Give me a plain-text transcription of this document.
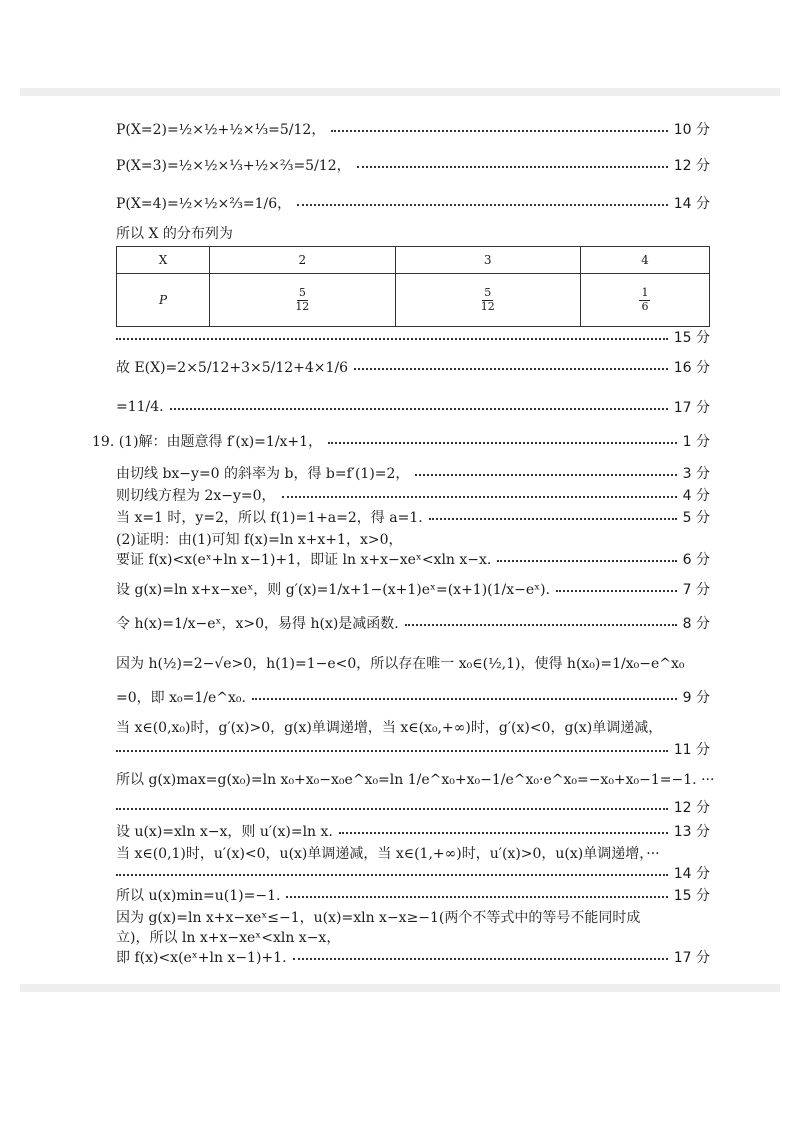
P(X=2)=½×½+½×⅓=5/12，	10 分
P(X=3)=½×½×⅓+½×⅔=5/12，	12 分
P(X=4)=½×½×⅔=1/6，	14 分
所以 X 的分布列为
X	2	3	4
P	$\frac{5}{12}$	$\frac{5}{12}$	$\frac{1}{6}$
15 分
故 E(X)=2×5/12+3×5/12+4×1/6	16 分
=11/4.	17 分
19. (1)解：由题意得 f′(x)=1/x+1，	1 分
由切线 bx−y=0 的斜率为 b，得 b=f′(1)=2，	3 分
则切线方程为 2x−y=0，	4 分
当 x=1 时，y=2，所以 f(1)=1+a=2，得 a=1.	5 分
(2)证明：由(1)可知 f(x)=ln x+x+1，x>0，
要证 f(x)<x(eˣ+ln x−1)+1，即证 ln x+x−xeˣ<xln x−x.	6 分
设 g(x)=ln x+x−xeˣ，则 g′(x)=1/x+1−(x+1)eˣ=(x+1)(1/x−eˣ).	7 分
令 h(x)=1/x−eˣ，x>0，易得 h(x)是减函数.	8 分
因为 h(½)=2−√e>0，h(1)=1−e<0，所以存在唯一 x₀∈(½,1)，使得 h(x₀)=1/x₀−e^x₀
=0，即 x₀=1/e^x₀.	9 分
当 x∈(0,x₀)时，g′(x)>0，g(x)单调递增，当 x∈(x₀,+∞)时，g′(x)<0，g(x)单调递减，
11 分
所以 g(x)max=g(x₀)=ln x₀+x₀−x₀e^x₀=ln 1/e^x₀+x₀−1/e^x₀·e^x₀=−x₀+x₀−1=−1. ···
12 分
设 u(x)=xln x−x，则 u′(x)=ln x.	13 分
当 x∈(0,1)时，u′(x)<0，u(x)单调递减，当 x∈(1,+∞)时，u′(x)>0，u(x)单调递增，···
14 分
所以 u(x)min=u(1)=−1.	15 分
因为 g(x)=ln x+x−xeˣ≤−1，u(x)=xln x−x≥−1(两个不等式中的等号不能同时成
立)，所以 ln x+x−xeˣ<xln x−x，
即 f(x)<x(eˣ+ln x−1)+1.	17 分
